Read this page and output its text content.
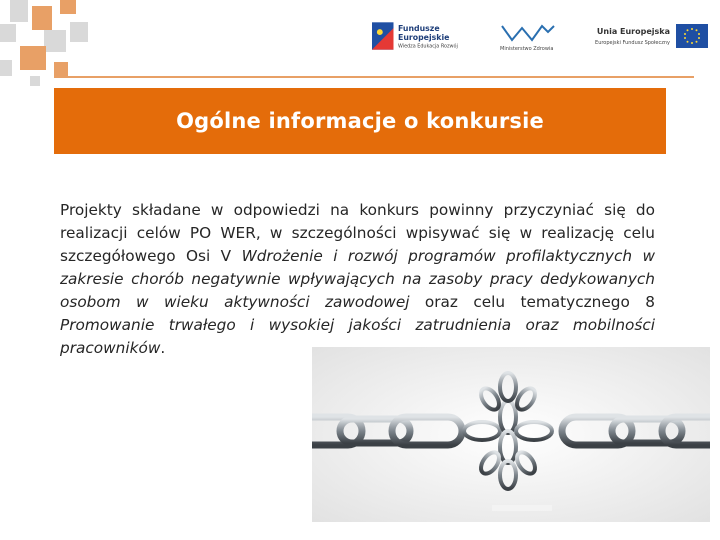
Fundusze
Europejskie
Wiedza Edukacja Rozwój	Ministerstwo Zdrowia
Unia Europejska
Europejski Fundusz Społeczny
Ogólne informacje o konkursie

Projekty składane w odpowiedzi na konkurs powinny przyczyniać się do realizacji celów PO WER, w szczególności wpisywać się w realizację celu szczegółowego Osi V Wdrożenie i rozwój programów profilaktycznych w zakresie chorób negatywnie wpływających na zasoby pracy dedykowanych osobom w wieku aktywności zawodowej oraz celu tematycznego 8 Promowanie trwałego i wysokiej jakości zatrudnienia oraz mobilności pracowników.
